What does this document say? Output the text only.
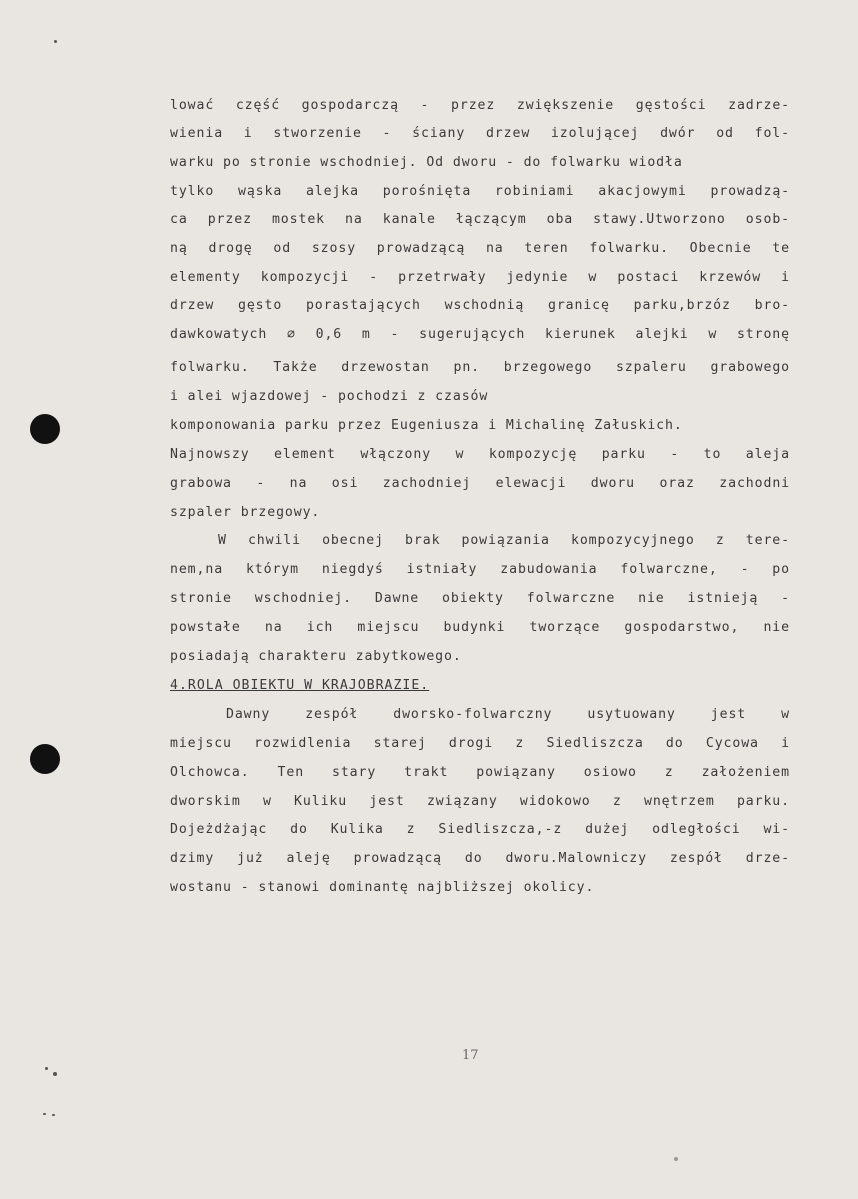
lować część gospodarczą - przez zwiększenie gęstości zadrze-
wienia i stworzenie - ściany drzew izolującej dwór od fol-
warku po stronie wschodniej. Od dworu - do folwarku wiodła
tylko wąska alejka porośnięta robiniami akacjowymi prowadzą-
ca przez mostek na kanale łączącym oba stawy.Utworzono osob-
ną drogę od szosy prowadzącą na teren folwarku. Obecnie te
elementy kompozycji - przetrwały jedynie w postaci krzewów i
drzew gęsto porastających wschodnią granicę parku,brzóz bro-
dawkowatych ∅ 0,6 m - sugerujących kierunek alejki w stronę
folwarku. Także drzewostan pn. brzegowego szpaleru grabowego
i alei wjazdowej - pochodzi z czasów
komponowania parku przez Eugeniusza i Michalinę Załuskich.
Najnowszy element włączony w kompozycję parku - to aleja
grabowa - na osi zachodniej elewacji dworu oraz zachodni
szpaler brzegowy.
W chwili obecnej brak powiązania kompozycyjnego z tere-
nem,na którym niegdyś istniały zabudowania folwarczne, - po
stronie wschodniej. Dawne obiekty folwarczne nie istnieją -
powstałe na ich miejscu budynki tworzące gospodarstwo, nie
posiadają charakteru zabytkowego.
4.ROLA OBIEKTU W KRAJOBRAZIE.
Dawny zespół dworsko-folwarczny usytuowany jest w
miejscu rozwidlenia starej drogi z Siedliszcza do Cycowa i
Olchowca. Ten stary trakt powiązany osiowo z założeniem
dworskim w Kuliku jest związany widokowo z wnętrzem parku.
Dojeżdżając do Kulika z Siedliszcza,-z dużej odległości wi-
dzimy już aleję prowadzącą do dworu.Malowniczy zespół drze-
wostanu - stanowi dominantę najbliższej okolicy.
17
